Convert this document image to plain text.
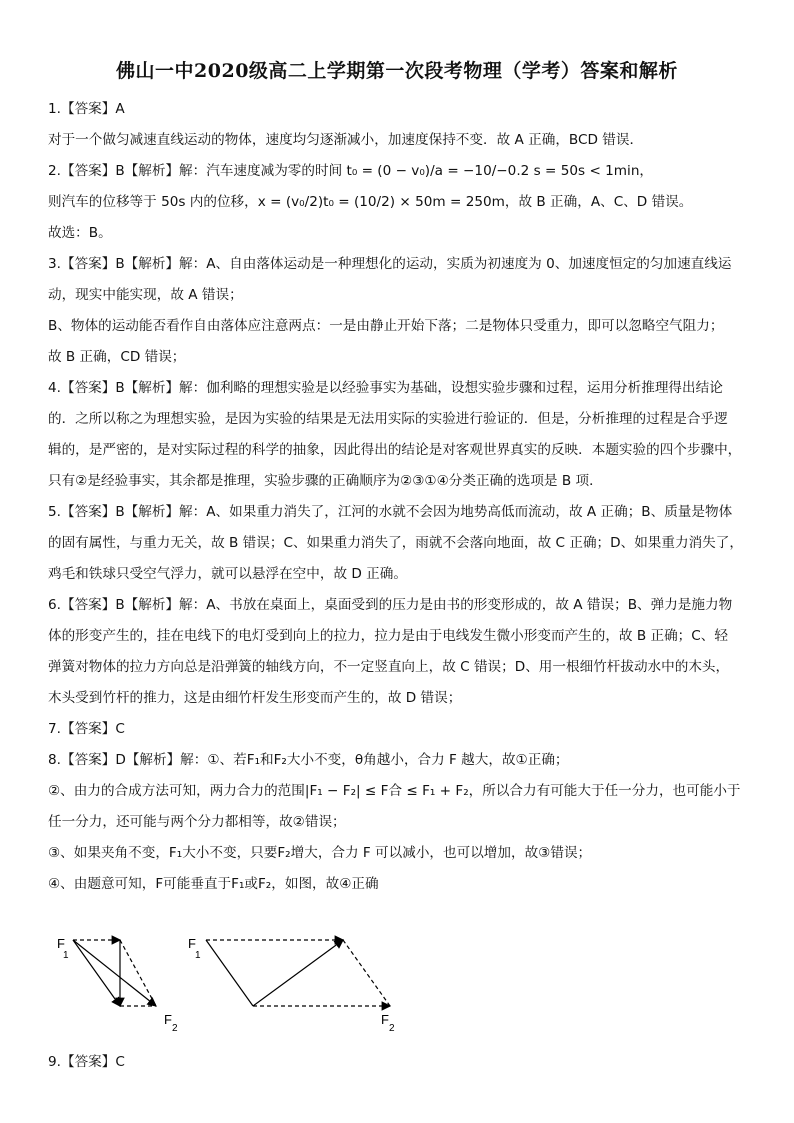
佛山一中2020级高二上学期第一次段考物理（学考）答案和解析
1.【答案】A
对于一个做匀减速直线运动的物体，速度均匀逐渐减小，加速度保持不变．故 A 正确，BCD 错误．
2.【答案】B【解析】解：汽车速度减为零的时间 t₀ = (0 − v₀)/a = −10/−0.2 s = 50s < 1min，
则汽车的位移等于 50s 内的位移，x = (v₀/2)t₀ = (10/2) × 50m = 250m，故 B 正确，A、C、D 错误。
故选：B。
3.【答案】B【解析】解：A、自由落体运动是一种理想化的运动，实质为初速度为 0、加速度恒定的匀加速直线运
动，现实中能实现，故 A 错误；
B、物体的运动能否看作自由落体应注意两点：一是由静止开始下落；二是物体只受重力，即可以忽略空气阻力；
故 B 正确，CD 错误；
4.【答案】B【解析】解：伽利略的理想实验是以经验事实为基础，设想实验步骤和过程，运用分析推理得出结论
的．之所以称之为理想实验，是因为实验的结果是无法用实际的实验进行验证的．但是，分析推理的过程是合乎逻
辑的，是严密的，是对实际过程的科学的抽象，因此得出的结论是对客观世界真实的反映．本题实验的四个步骤中，
只有②是经验事实，其余都是推理，实验步骤的正确顺序为②③①④分类正确的选项是 B 项．
5.【答案】B【解析】解：A、如果重力消失了，江河的水就不会因为地势高低而流动，故 A 正确；B、质量是物体
的固有属性，与重力无关，故 B 错误；C、如果重力消失了，雨就不会落向地面，故 C 正确；D、如果重力消失了，
鸡毛和铁球只受空气浮力，就可以悬浮在空中，故 D 正确。
6.【答案】B【解析】解：A、书放在桌面上，桌面受到的压力是由书的形变形成的，故 A 错误；B、弹力是施力物
体的形变产生的，挂在电线下的电灯受到向上的拉力，拉力是由于电线发生微小形变而产生的，故 B 正确；C、轻
弹簧对物体的拉力方向总是沿弹簧的轴线方向，不一定竖直向上，故 C 错误；D、用一根细竹杆拔动水中的木头，
木头受到竹杆的推力，这是由细竹杆发生形变而产生的，故 D 错误；
7.【答案】C
8.【答案】D【解析】解：①、若F₁和F₂大小不变，θ角越小，合力 F 越大，故①正确；
②、由力的合成方法可知，两力合力的范围|F₁ − F₂| ≤ F合 ≤ F₁ + F₂，所以合力有可能大于任一分力，也可能小于
任一分力，还可能与两个分力都相等，故②错误；
③、如果夹角不变，F₁大小不变，只要F₂增大，合力 F 可以减小，也可以增加，故③错误；
④、由题意可知，F可能垂直于F₁或F₂，如图，故④正确
F
1
F
2
F
1
F
2
9.【答案】C
